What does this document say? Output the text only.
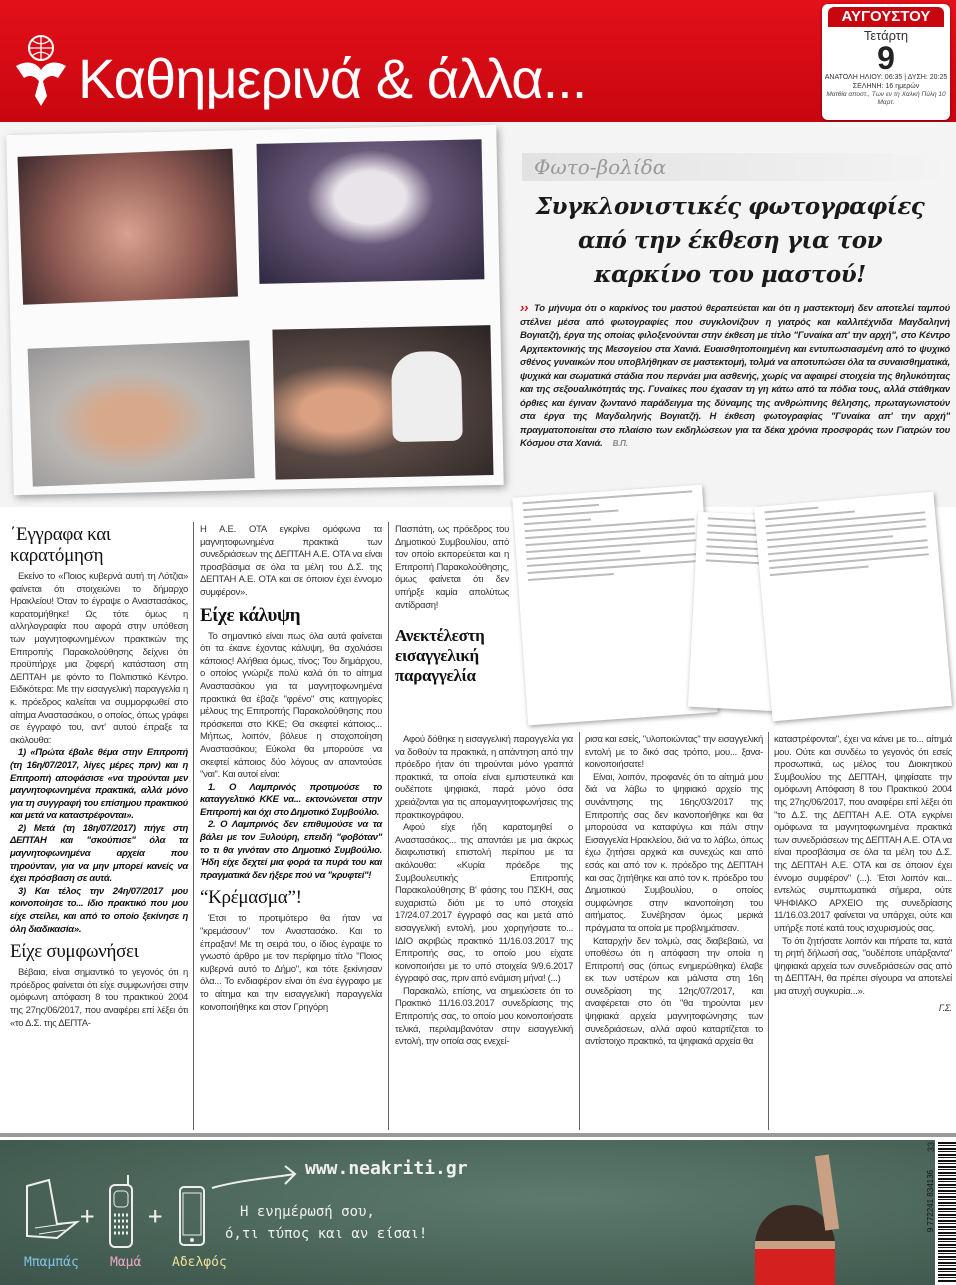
Καθημερινά & άλλα...
ΑΥΓΟΥΣΤΟΥ
Τετάρτη
9
ΑΝΑΤΟΛΗ ΗΛΙΟΥ: 06:35 | ΔΥΣΗ: 20:25
ΣΕΛΗΝΗ: 16 ημερών
Ματθία αποστ., Των εν τη Χαλκή Πύλη 10 Μαρτ.
Φωτο-βολίδα
Συγκλονιστικές φωτογραφίες από την έκθεση για τον καρκίνο του μαστού!
›› Το μήνυμα ότι ο καρκίνος του μαστού θεραπεύεται και ότι η μαστεκτομή δεν αποτελεί ταμπού στέλνει μέσα από φωτογραφίες που συγκλονίζουν η γιατρός και καλλιτέχνιδα Μαγδαληνή Βογιατζή, έργα της οποίας φιλοξενούνται στην έκθεση με τίτλο "Γυναίκα απ' την αρχή", στο Κέντρο Αρχιτεκτονικής της Μεσογείου στα Χανιά. Ευαισθητοποιημένη και εντυπωσιασμένη από το ψυχικό σθένος γυναικών που υποβλήθηκαν σε μαστεκτομή, τολμά να αποτυπώσει όλα τα συναισθηματικά, ψυχικά και σωματικά στάδια που περνάει μια ασθενής, χωρίς να αφαιρεί στοιχεία της θηλυκότητας και της σεξουαλικότητάς της. Γυναίκες που έχασαν τη γη κάτω από τα πόδια τους, αλλά στάθηκαν όρθιες και έγιναν ζωντανό παράδειγμα της δύναμης της ανθρώπινης θέλησης, πρωταγωνιστούν στα έργα της Μαγδαληνής Βογιατζή. Η έκθεση φωτογραφίας "Γυναίκα απ' την αρχή" πραγματοποιείται στο πλαίσιο των εκδηλώσεων για τα δέκα χρόνια προσφοράς των Γιατρών του Κόσμου στα Χανιά. Β.Π.
΄Εγγραφα και καρατόμηση

Εκείνο το «Ποιος κυβερνά αυτή τη Λότζια» φαίνεται ότι στοιχειώνει το δήμαρχο Ηρακλείου! Όταν το έγραψε ο Αναστασάκος, καρατομήθηκε! Ως τότε όμως η αλληλογραφία που αφορά στην υπόθεση των μαγνητοφωνημένων πρακτικών της Επιτροπής Παρακολούθησης δείχνει ότι προϋπήρχε μια ζοφερή κατάσταση στη ΔΕΠΤΑΗ με φόντο το Πολιτιστικό Κέντρο. Ειδικότερα: Με την εισαγγελική παραγγελία η κ. πρόεδρος καλείται να συμμορφωθεί στο αίτημα Αναστασάκου, ο οποίος, όπως γράφει σε έγγραφό του, αντ' αυτού έπραξε τα ακόλουθα:

1) «Πρώτα έβαλε θέμα στην Επιτροπή (τη 16η/07/2017, λίγες μέρες πριν) και η Επιτροπή αποφάσισε «να τηρούνται μεν μαγνητοφωνημένα πρακτικά, αλλά μόνο για τη συγγραφή του επίσημου πρακτικού και μετά να καταστρέφονται».

2) Μετά (τη 18η/07/2017) πήγε στη ΔΕΠΤΑΗ και "σκούπισε" όλα τα μαγνητοφωνημένα αρχεία που τηρούνταν, για να μην μπορεί κανείς να έχει πρόσβαση σε αυτά.

3) Και τέλος την 24η/07/2017 μου κοινοποίησε το... ίδιο πρακτικό που μου είχε στείλει, και από το οποίο ξεκίνησε η όλη διαδικασία».

Είχε συμφωνήσει

Βέβαια, είναι σημαντικό το γεγονός ότι η πρόεδρος φαίνεται ότι είχε συμφωνήσει στην ομόφωνη απόφαση 8 του πρακτικού 2004 της 27ης/06/2017, που αναφέρει επί λέξει ότι «το Δ.Σ. της ΔΕΠΤΑ-

Η Α.Ε. ΟΤΑ εγκρίνει ομόφωνα τα μαγνητοφωνημένα πρακτικά των συνεδριάσεων της ΔΕΠΤΑΗ Α.Ε. ΟΤΑ να είναι προσβάσιμα σε όλα τα μέλη του Δ.Σ. της ΔΕΠΤΑΗ Α.Ε. ΟΤΑ και σε όποιον έχει έννομο συμφέρον».

Είχε κάλυψη

Το σημαντικό είναι πως όλα αυτά φαίνεται ότι τα έκανε έχοντας κάλυψη, θα σχολιάσει κάποιος! Αλήθεια όμως, τίνος; Του δημάρχου, ο οποίος γνώριζε πολύ καλά ότι το αίτημα Αναστασάκου για τα μαγνητοφωνημένα πρακτικά θα έβαζε "φρένο" στις κατηγορίες μέλους της Επιτροπής Παρακολούθησης που πρόσκειται στο ΚΚΕ; Θα σκεφτεί κάποιος... Μήπως, λοιπόν, βόλευε η στοχοποίηση Αναστασάκου; Εύκολα θα μπορούσε να σκεφτεί κάποιος δύο λόγους αν απαντούσε "ναι". Και αυτοί είναι:

1. Ο Λαμπρινός προτιμούσε το καταγγελτικό ΚΚΕ να... εκτονώνεται στην Επιτροπή και όχι στο Δημοτικό Συμβούλιο.

2. Ο Λαμπρινός δεν επιθυμούσε να τα βάλει με τον Ξυλούρη, επειδή "φοβόταν" το τι θα γινόταν στο Δημοτικό Συμβούλιο. Ήδη είχε δεχτεί μια φορά τα πυρά του και πραγματικά δεν ήξερε πού να "κρυφτεί"!

“Κρέμασμα”!

Έτσι το προτιμότερο θα ήταν να "κρεμάσουν" τον Αναστασάκο. Και το έπραξαν! Με τη σειρά του, ο ίδιος έγραψε το γνωστό άρθρο με τον περίφημο τίτλο "Ποιος κυβερνά αυτό το Δήμο", και τότε ξεκίνησαν όλα... Το ενδιαφέρον είναι ότι ένα έγγραφο με το αίτημα και την εισαγγελική παραγγελία κοινοποιήθηκε και στον Γρηγόρη

Πασπάτη, ως πρόεδρος του Δημοτικού Συμβουλίου, από τον οποίο εκπορεύεται και η Επιτροπή Παρακολούθησης, όμως φαίνεται ότι δεν υπήρξε καμία απολύτως αντίδραση!

Ανεκτέλεστη εισαγγελική παραγγελία

Αφού δόθηκε η εισαγγελική παραγγελία για να δοθούν τα πρακτικά, η απάντηση από την πρόεδρο ήταν ότι τηρούνται μόνο γραπτά πρακτικά, τα οποία είναι εμπιστευτικά και ουδέποτε ψηφιακά, παρά μόνο όσα χρειάζονται για τις απομαγνητοφωνήσεις της πρακτικογράφου.

Αφού είχε ήδη καρατομηθεί ο Αναστασάκος... της απαντάει με μια άκρως διαφωτιστική επιστολή περίπου με τα ακόλουθα: «Κυρία πρόεδρε της Συμβουλευτικής Επιτροπής Παρακολούθησης Β' φάσης του ΠΣΚΗ, σας ευχαριστώ διότι με το υπό στοιχεία 17/24.07.2017 έγγραφό σας και μετά από εισαγγελική εντολή, μου χορηγήσατε το... ΙΔΙΟ ακριβώς πρακτικό 11/16.03.2017 της Επιτροπής σας, το οποίο μου είχατε κοινοποιήσει με το υπό στοιχεία 9/9.6.2017 έγγραφό σας, πριν από ενάμιση μήνα! (...)

Παρακαλώ, επίσης, να σημειώσετε ότι το Πρακτικό 11/16.03.2017 συνεδρίασης της Επιτροπής σας, το οποίο μου κοινοποιήσατε τελικά, περιλαμβανόταν στην εισαγγελική εντολή, την οποία σας ενεχεί-

ρισα και εσείς, "υλοποιώντας" την εισαγγελική εντολή με το δικό σας τρόπο, μου... ξανα-κοινοποιήσατε!

Είναι, λοιπόν, προφανές ότι το αίτημά μου διά να λάβω το ψηφιακό αρχείο της συνάντησης της 16ης/03/2017 της Επιτροπής σας δεν ικανοποιήθηκε και θα μπορούσα να καταφύγω και πάλι στην Εισαγγελία Ηρακλείου, διά να το λάβω, όπως έχω ζητήσει αρχικά και συνεχώς και από εσάς και από τον κ. πρόεδρο της ΔΕΠΤΑΗ και σας ζητήθηκε και από τον κ. πρόεδρο του Δημοτικού Συμβουλίου, ο οποίος συμφώνησε στην ικανοποίηση του αιτήματος. Συνέβησαν όμως μερικά πράγματα τα οποία με προβλημάτισαν.

Καταρχήν δεν τολμώ, σας διαβεβαιώ, να υποθέσω ότι η απόφαση την οποία η Επιτροπή σας (όπως ενημερώθηκα) έλαβε εκ των υστέρων και μάλιστα στη 16η συνεδρίαση της 12ης/07/2017, και αναφέρεται στο ότι "θα τηρούνται μεν ψηφιακά αρχεία μαγνητοφώνησης των συνεδριάσεων, αλλά αφού καταρτίζεται το αντίστοιχο πρακτικό, τα ψηφιακά αρχεία θα

καταστρέφονται", έχει να κάνει με το... αίτημά μου. Ούτε και συνδέω το γεγονός ότι εσείς προσωπικά, ως μέλος του Διοικητικού Συμβουλίου της ΔΕΠΤΑΗ, ψηφίσατε την ομόφωνη Απόφαση 8 του Πρακτικού 2004 της 27ης/06/2017, που αναφέρει επί λέξει ότι "το Δ.Σ. της ΔΕΠΤΑΗ Α.Ε. ΟΤΑ εγκρίνει ομόφωνα τα μαγνητοφωνημένα πρακτικά των συνεδριάσεων της ΔΕΠΤΑΗ Α.Ε. ΟΤΑ να είναι προσβάσιμα σε όλα τα μέλη του Δ.Σ. της ΔΕΠΤΑΗ Α.Ε. ΟΤΑ και σε όποιον έχει έννομο συμφέρον" (...). Έτσι λοιπόν και... εντελώς συμπτωματικά σήμερα, ούτε ΨΗΦΙΑΚΟ ΑΡΧΕΙΟ της συνεδρίασης 11/16.03.2017 φαίνεται να υπάρχει, ούτε και υπήρξε ποτέ κατά τους ισχυρισμούς σας.

Το ότι ζητήσατε λοιπόν και πήρατε τα, κατά τη ρητή δήλωσή σας, "ουδέποτε υπάρξαντα" ψηφιακά αρχεία των συνεδριάσεών σας από τη ΔΕΠΤΑΗ, θα πρέπει σίγουρα να αποτελεί μια ατυχή συγκυρία...».

Γ.Σ.

+ +
Μπαμπάς Μαμά Αδελφός
www.neakriti.gr
Η ενημέρωσή σου,
ό,τι τύπος και αν είσαι!
9 772241 834136
33
